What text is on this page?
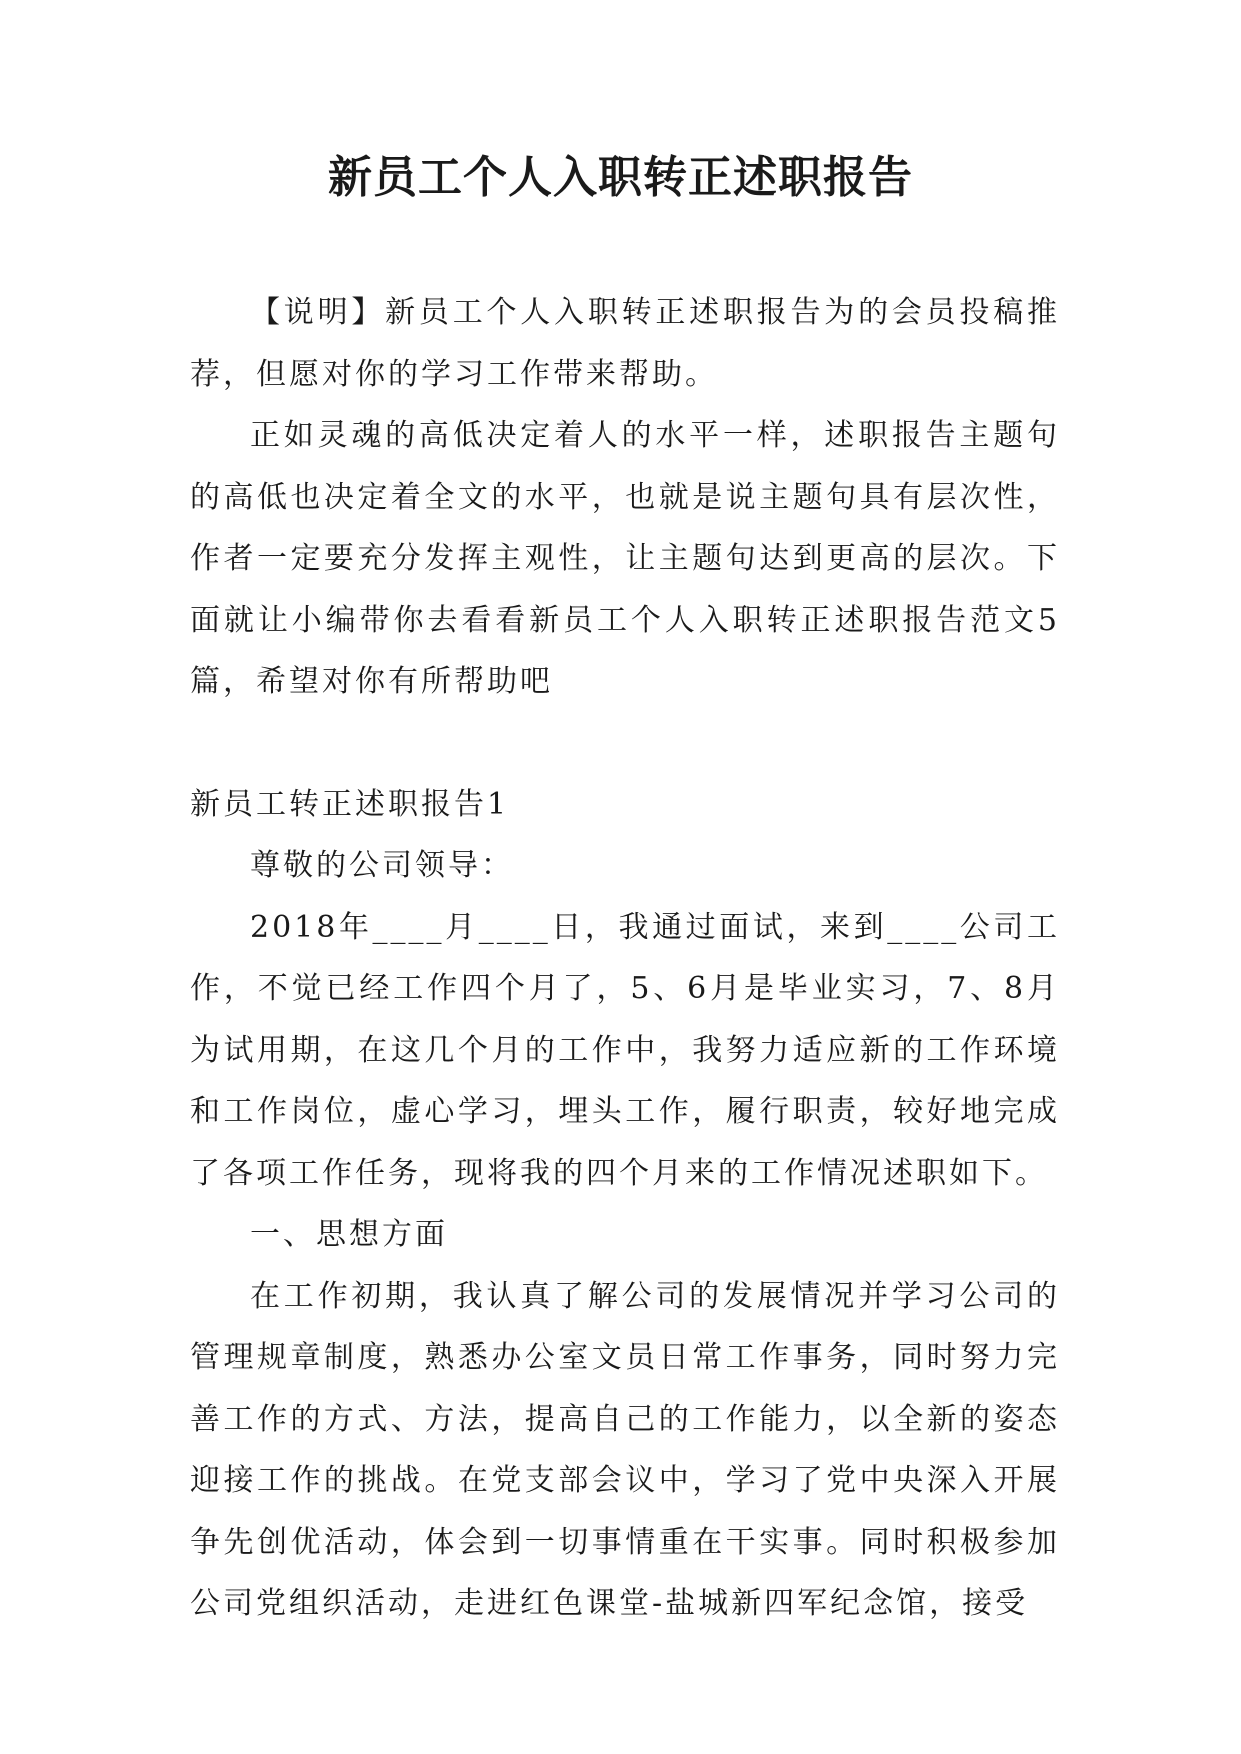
新员工个人入职转正述职报告

【说明】新员工个人入职转正述职报告为的会员投稿推荐，但愿对你的学习工作带来帮助。

正如灵魂的高低决定着人的水平一样，述职报告主题句的高低也决定着全文的水平，也就是说主题句具有层次性，作者一定要充分发挥主观性，让主题句达到更高的层次。下面就让小编带你去看看新员工个人入职转正述职报告范文5篇，希望对你有所帮助吧

新员工转正述职报告1

尊敬的公司领导：

2018年____月____日，我通过面试，来到____公司工作，不觉已经工作四个月了，5、6月是毕业实习，7、8月为试用期，在这几个月的工作中，我努力适应新的工作环境和工作岗位，虚心学习，埋头工作，履行职责，较好地完成了各项工作任务，现将我的四个月来的工作情况述职如下。

一、思想方面

在工作初期，我认真了解公司的发展情况并学习公司的管理规章制度，熟悉办公室文员日常工作事务，同时努力完善工作的方式、方法，提高自己的工作能力，以全新的姿态迎接工作的挑战。在党支部会议中，学习了党中央深入开展争先创优活动，体会到一切事情重在干实事。同时积极参加公司党组织活动，走进红色课堂-盐城新四军纪念馆，接受
